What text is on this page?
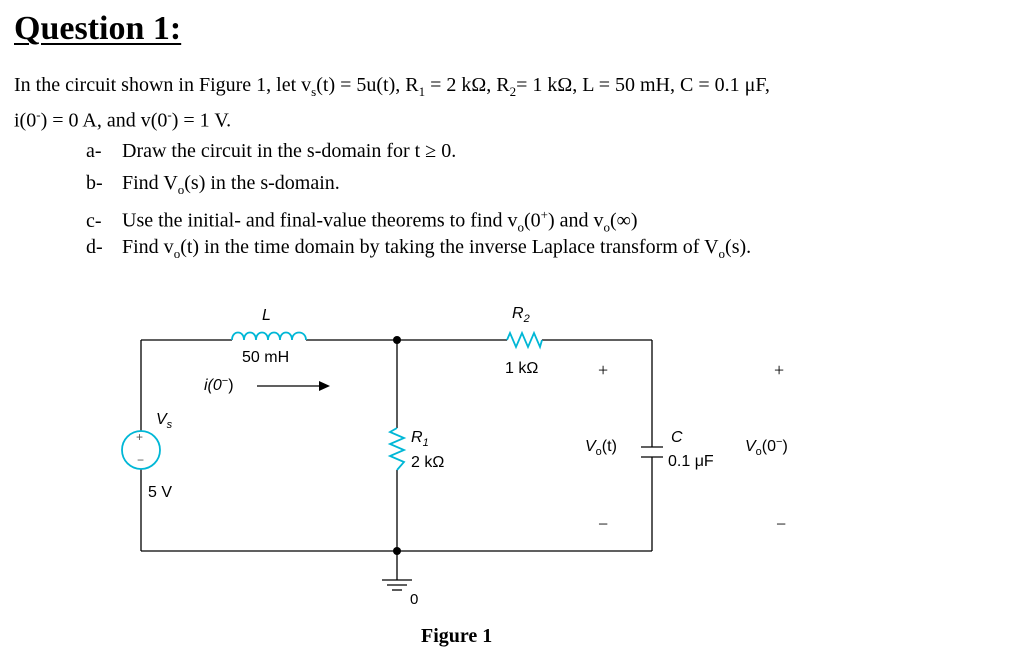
Question 1:
In the circuit shown in Figure 1, let $v_s(t) = 5u(t)$, $R_1 = 2$ kΩ, $R_2= 1$ kΩ, L = 50 mH, C = 0.1 μF,
i(0-) = 0 A, and v(0-) = 1 V.
a- Draw the circuit in the s-domain for t ≥ 0.
b- Find $V_o(s)$ in the s-domain.
c- Use the initial- and final-value theorems to find $v_o(0^+)$ and $v_o(\infty)$
d- Find $v_o(t)$ in the time domain by taking the inverse Laplace transform of $V_o(s)$.
L
50 mH
i(0−)
$R_2$
1 kΩ
$R_1$
2 kΩ
+
−
$V_s$
5 V
C
0.1 μF
+
$V_o(t)$
−
+
$V_o(0^-)$
−
0
Figure 1
